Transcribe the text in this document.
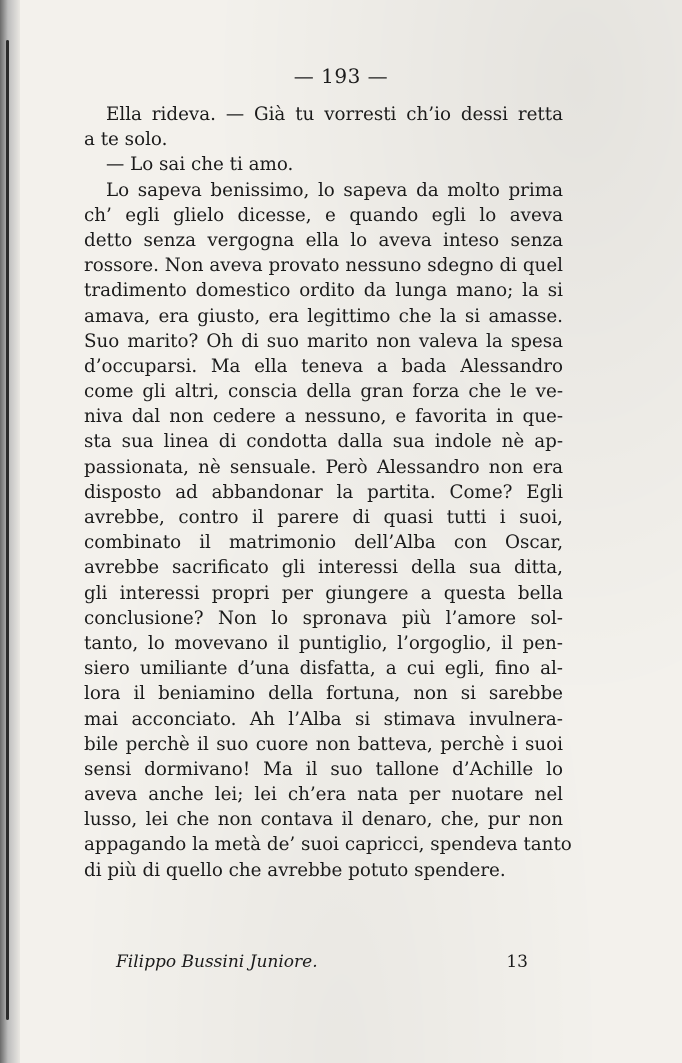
— 193 —
Ella rideva. — Già tu vorresti ch’io dessi retta
a te solo.
— Lo sai che ti amo.
Lo sapeva benissimo, lo sapeva da molto prima
ch’ egli glielo dicesse, e quando egli lo aveva
detto senza vergogna ella lo aveva inteso senza
rossore. Non aveva provato nessuno sdegno di quel
tradimento domestico ordito da lunga mano; la si
amava, era giusto, era legittimo che la si amasse.
Suo marito? Oh di suo marito non valeva la spesa
d’occuparsi. Ma ella teneva a bada Alessandro
come gli altri, conscia della gran forza che le ve-
niva dal non cedere a nessuno, e favorita in que-
sta sua linea di condotta dalla sua indole nè ap-
passionata, nè sensuale. Però Alessandro non era
disposto ad abbandonar la partita. Come? Egli
avrebbe, contro il parere di quasi tutti i suoi,
combinato il matrimonio dell’Alba con Oscar,
avrebbe sacrificato gli interessi della sua ditta,
gli interessi propri per giungere a questa bella
conclusione? Non lo spronava più l’amore sol-
tanto, lo movevano il puntiglio, l’orgoglio, il pen-
siero umiliante d’una disfatta, a cui egli, fino al-
lora il beniamino della fortuna, non si sarebbe
mai acconciato. Ah l’Alba si stimava invulnera-
bile perchè il suo cuore non batteva, perchè i suoi
sensi dormivano! Ma il suo tallone d’Achille lo
aveva anche lei; lei ch’era nata per nuotare nel
lusso, lei che non contava il denaro, che, pur non
appagando la metà de’ suoi capricci, spendeva tanto
di più di quello che avrebbe potuto spendere.
Filippo Bussini Juniore.	13
